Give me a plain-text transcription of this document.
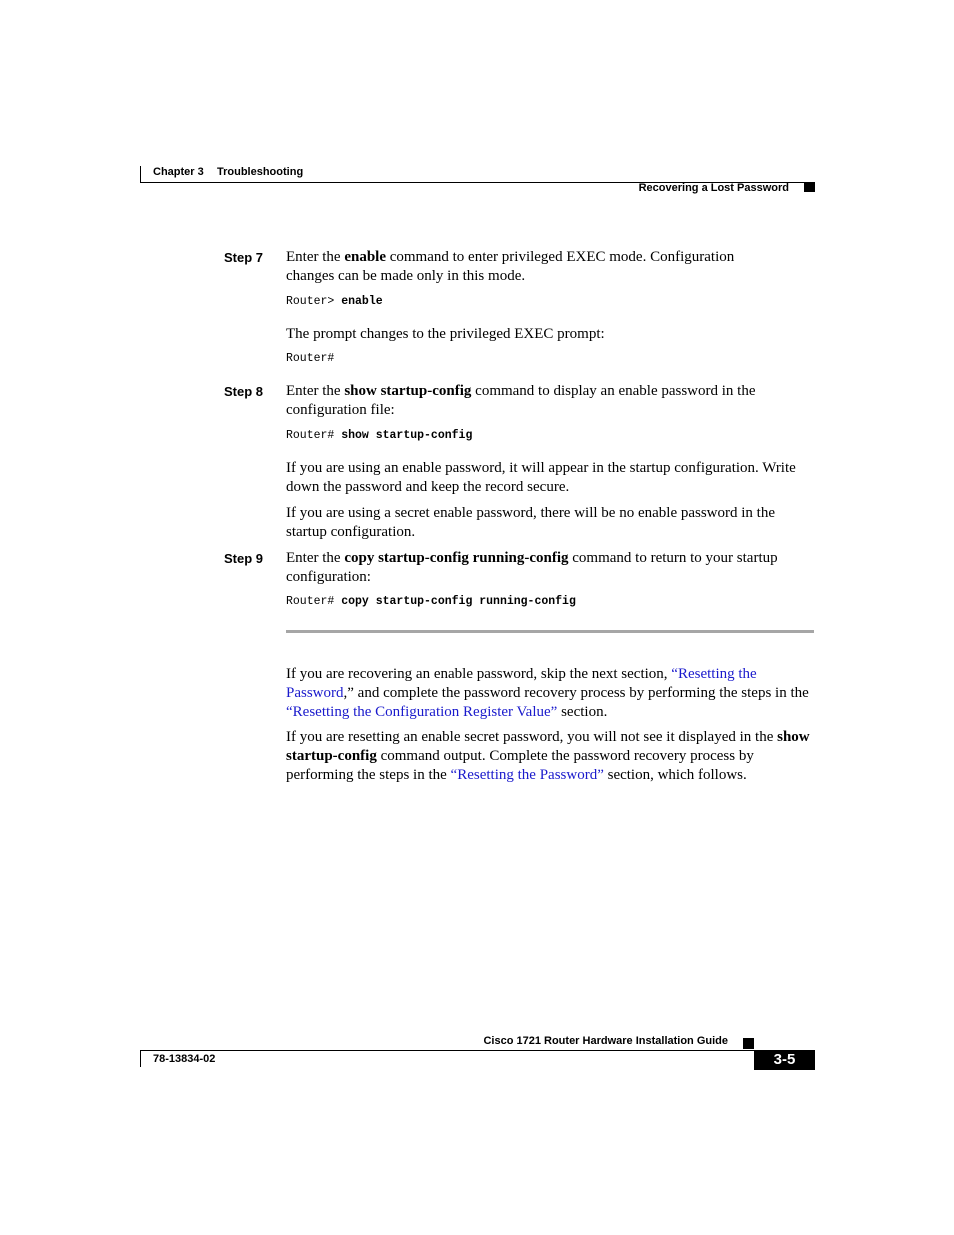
Chapter 3 Troubleshooting
Recovering a Lost Password
Step 7 Enter the enable command to enter privileged EXEC mode. Configuration changes can be made only in this mode.
Router> enable
The prompt changes to the privileged EXEC prompt:
Router#
Step 8 Enter the show startup-config command to display an enable password in the configuration file:
Router# show startup-config
If you are using an enable password, it will appear in the startup configuration. Write down the password and keep the record secure.
If you are using a secret enable password, there will be no enable password in the startup configuration.
Step 9 Enter the copy startup-config running-config command to return to your startup configuration:
Router# copy startup-config running-config
If you are recovering an enable password, skip the next section, “Resetting the Password,” and complete the password recovery process by performing the steps in the “Resetting the Configuration Register Value” section.
If you are resetting an enable secret password, you will not see it displayed in the show startup-config command output. Complete the password recovery process by performing the steps in the “Resetting the Password” section, which follows.
Cisco 1721 Router Hardware Installation Guide
78-13834-02	3-5
